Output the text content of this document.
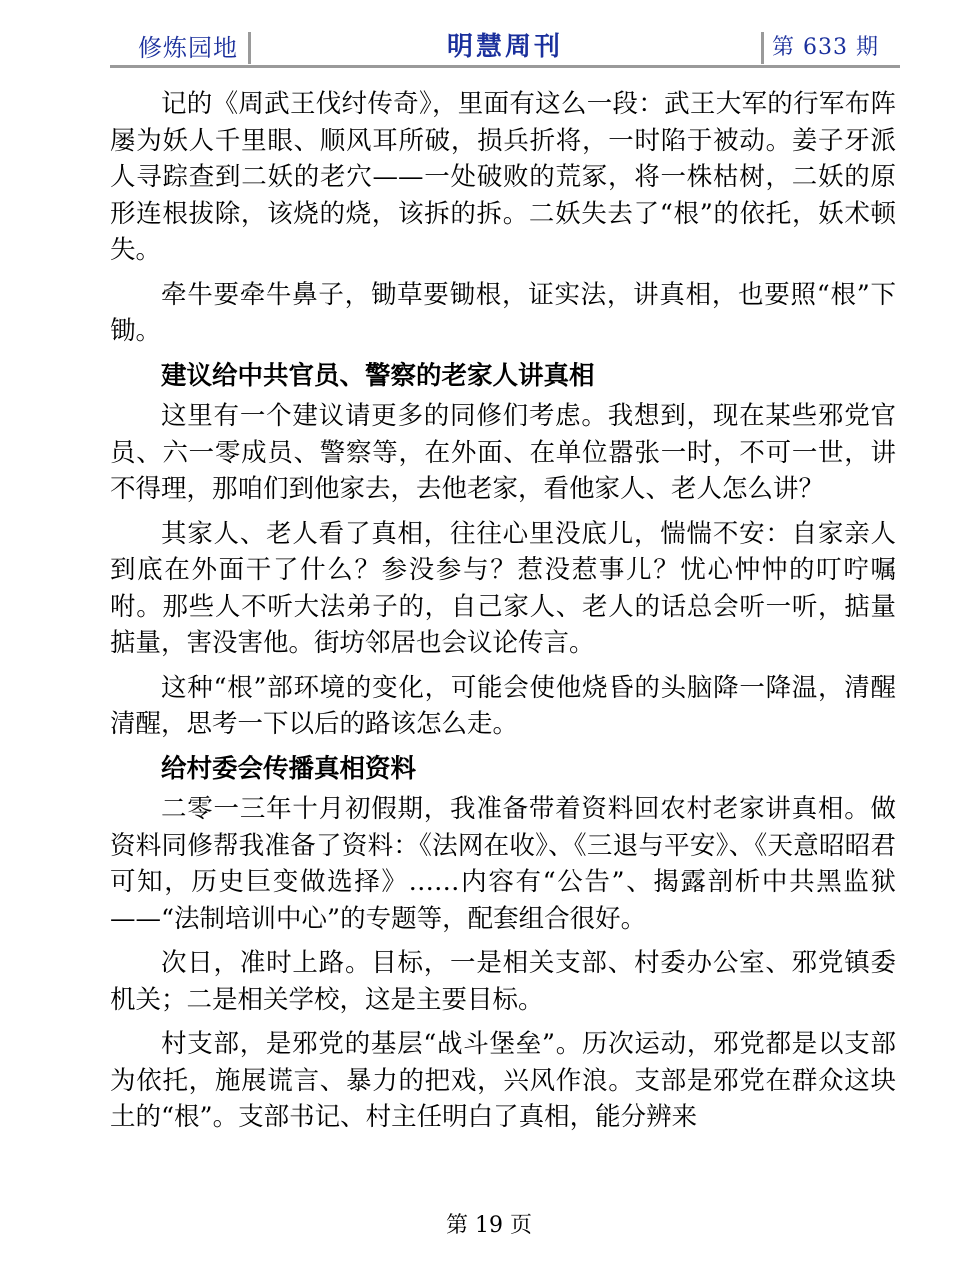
修炼园地	明慧周刊	第 633 期

记的《周武王伐纣传奇》，里面有这么一段：武王大军的行军布阵屡为妖人千里眼、顺风耳所破，损兵折将，一时陷于被动。姜子牙派人寻踪查到二妖的老穴——一处破败的荒冢，将一株枯树，二妖的原形连根拔除，该烧的烧，该拆的拆。二妖失去了“根”的依托，妖术顿失。

牵牛要牵牛鼻子，锄草要锄根，证实法，讲真相，也要照“根”下锄。

建议给中共官员、警察的老家人讲真相

这里有一个建议请更多的同修们考虑。我想到，现在某些邪党官员、六一零成员、警察等，在外面、在单位嚣张一时，不可一世，讲不得理，那咱们到他家去，去他老家，看他家人、老人怎么讲？

其家人、老人看了真相，往往心里没底儿，惴惴不安：自家亲人到底在外面干了什么？参没参与？惹没惹事儿？忧心忡忡的叮咛嘱咐。那些人不听大法弟子的，自己家人、老人的话总会听一听，掂量掂量，害没害他。街坊邻居也会议论传言。

这种“根”部环境的变化，可能会使他烧昏的头脑降一降温，清醒清醒，思考一下以后的路该怎么走。

给村委会传播真相资料

二零一三年十月初假期，我准备带着资料回农村老家讲真相。做资料同修帮我准备了资料：《法网在收》、《三退与平安》、《天意昭昭君可知，历史巨变做选择》……内容有“公告”、揭露剖析中共黑监狱——“法制培训中心”的专题等，配套组合很好。

次日，准时上路。目标，一是相关支部、村委办公室、邪党镇委机关；二是相关学校，这是主要目标。

村支部，是邪党的基层“战斗堡垒”。历次运动，邪党都是以支部为依托，施展谎言、暴力的把戏，兴风作浪。支部是邪党在群众这块土的“根”。支部书记、村主任明白了真相，能分辨来

第 19 页
